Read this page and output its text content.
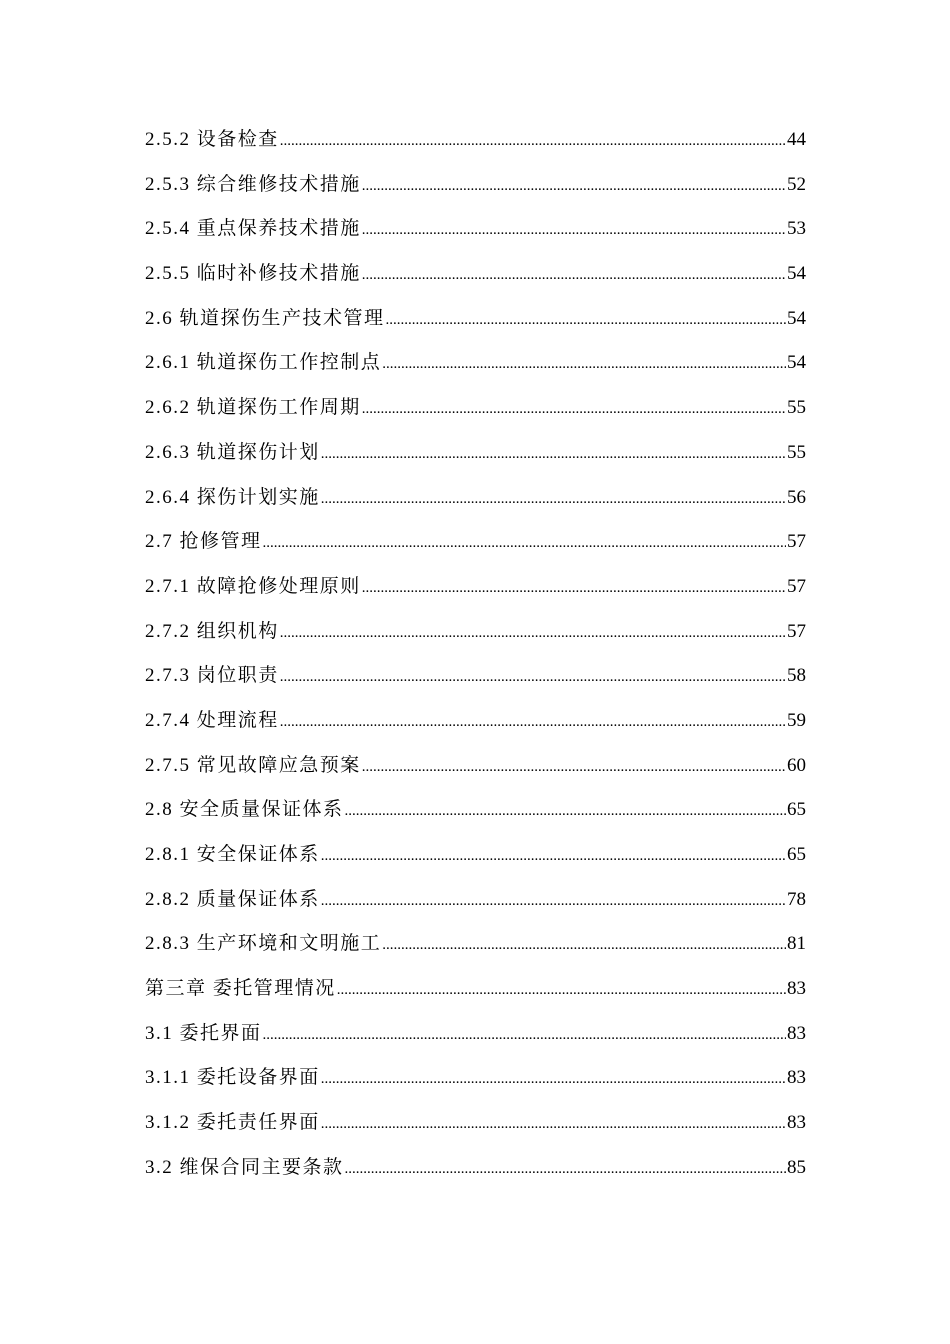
2.5.2 设备检查 .....	44
2.5.3 综合维修技术措施 .....	52
2.5.4 重点保养技术措施 .....	53
2.5.5 临时补修技术措施 .....	54
2.6 轨道探伤生产技术管理 .....	54
2.6.1 轨道探伤工作控制点 .....	54
2.6.2 轨道探伤工作周期 .....	55
2.6.3 轨道探伤计划 .....	55
2.6.4 探伤计划实施 .....	56
2.7 抢修管理 .....	57
2.7.1 故障抢修处理原则 .....	57
2.7.2 组织机构 .....	57
2.7.3 岗位职责 .....	58
2.7.4 处理流程 .....	59
2.7.5 常见故障应急预案 .....	60
2.8 安全质量保证体系 .....	65
2.8.1 安全保证体系 .....	65
2.8.2 质量保证体系 .....	78
2.8.3 生产环境和文明施工 .....	81
第三章 委托管理情况 .....	83
3.1 委托界面 .....	83
3.1.1 委托设备界面 .....	83
3.1.2 委托责任界面 .....	83
3.2 维保合同主要条款 .....	85
